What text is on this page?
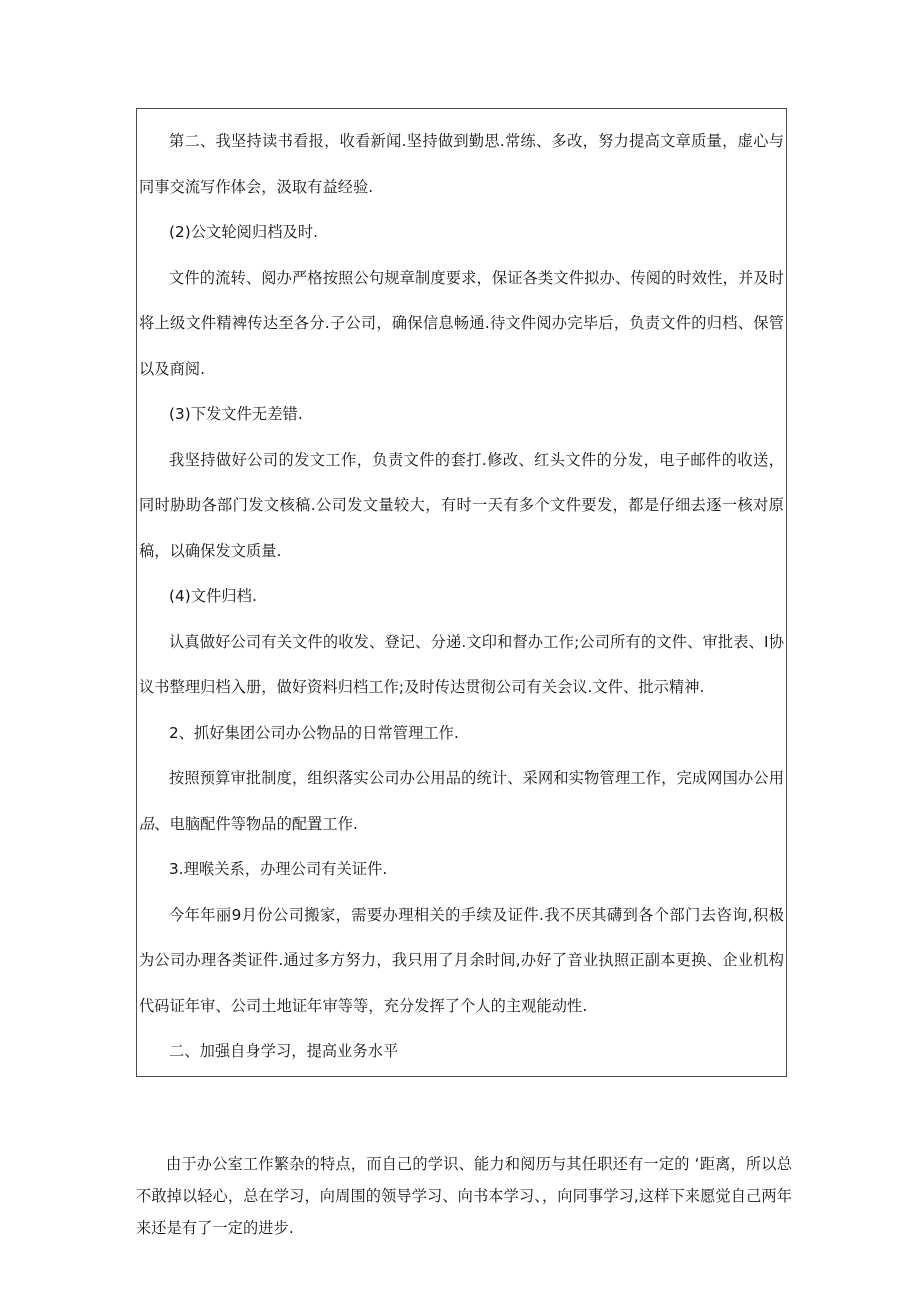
第二、我坚持读书看报，收看新闻.坚持做到勤思.常练、多改，努力提高文章质量，虚心与同事交流写作体会，汲取有益经验.

(2)公文轮阅归档及时.

文件的流转、阅办严格按照公句规章制度要求，保证各类文件拟办、传阅的时效性，并及时将上级文件精裨传达至各分.子公司，确保信息畅通.待文件阅办完毕后，负责文件的归档、保管以及商阅.

(3)下发文件无差错.

我坚持做好公司的发文工作，负责文件的套打.修改、红头文件的分发，电子邮件的收送，同时胁助各部门发文核稿.公司发文量较大，有时一天有多个文件要发，都是仔细去逐一核对原稿，以确保发文质量.

(4)文件归档.

认真做好公司有关文件的收发、登记、分递.文印和督办工作;公司所有的文件、审批表、I协议书整理归档入册，做好资料归档工作;及时传达贯彻公司有关会议.文件、批示精神.

2、抓好集团公司办公物品的日常管理工作.

按照预算审批制度，组织落实公司办公用品的统计、采网和实物管理工作，完成网国办公用品、电脑配件等物品的配置工作.

3.理喉关系，办理公司有关证件.

今年年丽9月份公司搬家，需要办理相关的手续及证件.我不厌其礴到各个部门去咨询,积极为公司办理各类证件.通过多方努力，我只用了月余时间,办好了音业执照正副本更换、企业机构代码证年审、公司土地证年审等等，充分发挥了个人的主观能动性.

二、加强自身学习，提高业务水平

由于办公室工作繁杂的特点，而自己的学识、能力和阅历与其任职还有一定的 ‘距离，所以总不敢掉以轻心，总在学习，向周围的领导学习、向书本学习、，向同事学习,这样下来愿觉自己两年来还是有了一定的进步.
